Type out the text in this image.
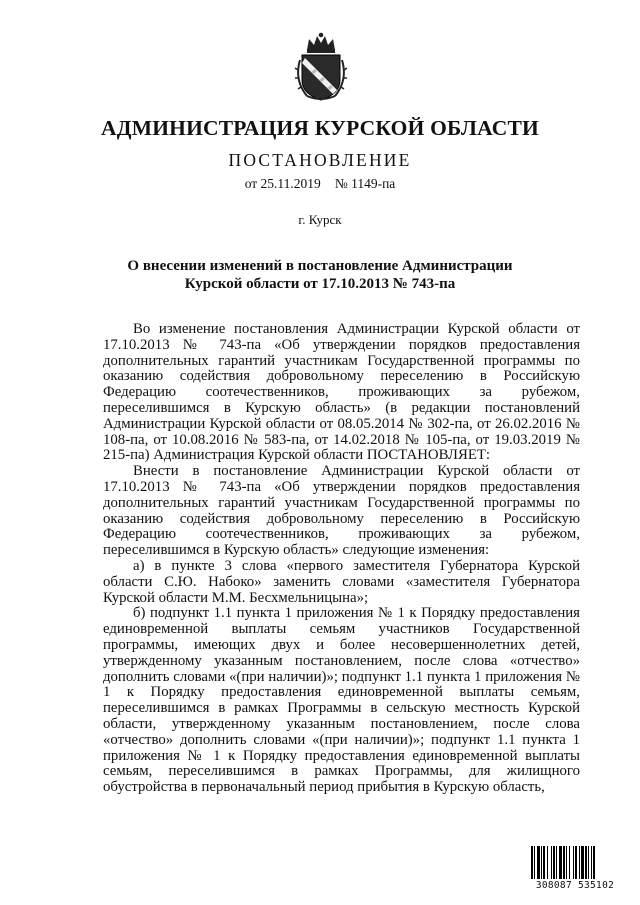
АДМИНИСТРАЦИЯ КУРСКОЙ ОБЛАСТИ
ПОСТАНОВЛЕНИЕ
от 25.11.2019 № 1149-па
г. Курск
О внесении изменений в постановление Администрации
Курской области от 17.10.2013 № 743-па

Во изменение постановления Администрации Курской области от 17.10.2013 № 743-па «Об утверждении порядков предоставления дополнительных гарантий участникам Государственной программы по оказанию содействия добровольному переселению в Российскую Федерацию соотечественников, проживающих за рубежом, переселившимся в Курскую область» (в редакции постановлений Администрации Курской области от 08.05.2014 № 302-па, от 26.02.2016 № 108-па, от 10.08.2016 № 583-па, от 14.02.2018 № 105-па, от 19.03.2019 № 215-па) Администрация Курской области ПОСТАНОВЛЯЕТ:

Внести в постановление Администрации Курской области от 17.10.2013 № 743-па «Об утверждении порядков предоставления дополнительных гарантий участникам Государственной программы по оказанию содействия добровольному переселению в Российскую Федерацию соотечественников, проживающих за рубежом, переселившимся в Курскую область» следующие изменения:

а) в пункте 3 слова «первого заместителя Губернатора Курской области С.Ю. Набоко» заменить словами «заместителя Губернатора Курской области М.М. Бесхмельницына»;

б) подпункт 1.1 пункта 1 приложения № 1 к Порядку предоставления единовременной выплаты семьям участников Государственной программы, имеющих двух и более несовершеннолетних детей, утвержденному указанным постановлением, после слова «отчество» дополнить словами «(при наличии)»; подпункт 1.1 пункта 1 приложения № 1 к Порядку предоставления единовременной выплаты семьям, переселившимся в рамках Программы в сельскую местность Курской области, утвержденному указанным постановлением, после слова «отчество» дополнить словами «(при наличии)»; подпункт 1.1 пункта 1 приложения № 1 к Порядку предоставления единовременной выплаты семьям, переселившимся в рамках Программы, для жилищного обустройства в первоначальный период прибытия в Курскую область,

308087 535102
